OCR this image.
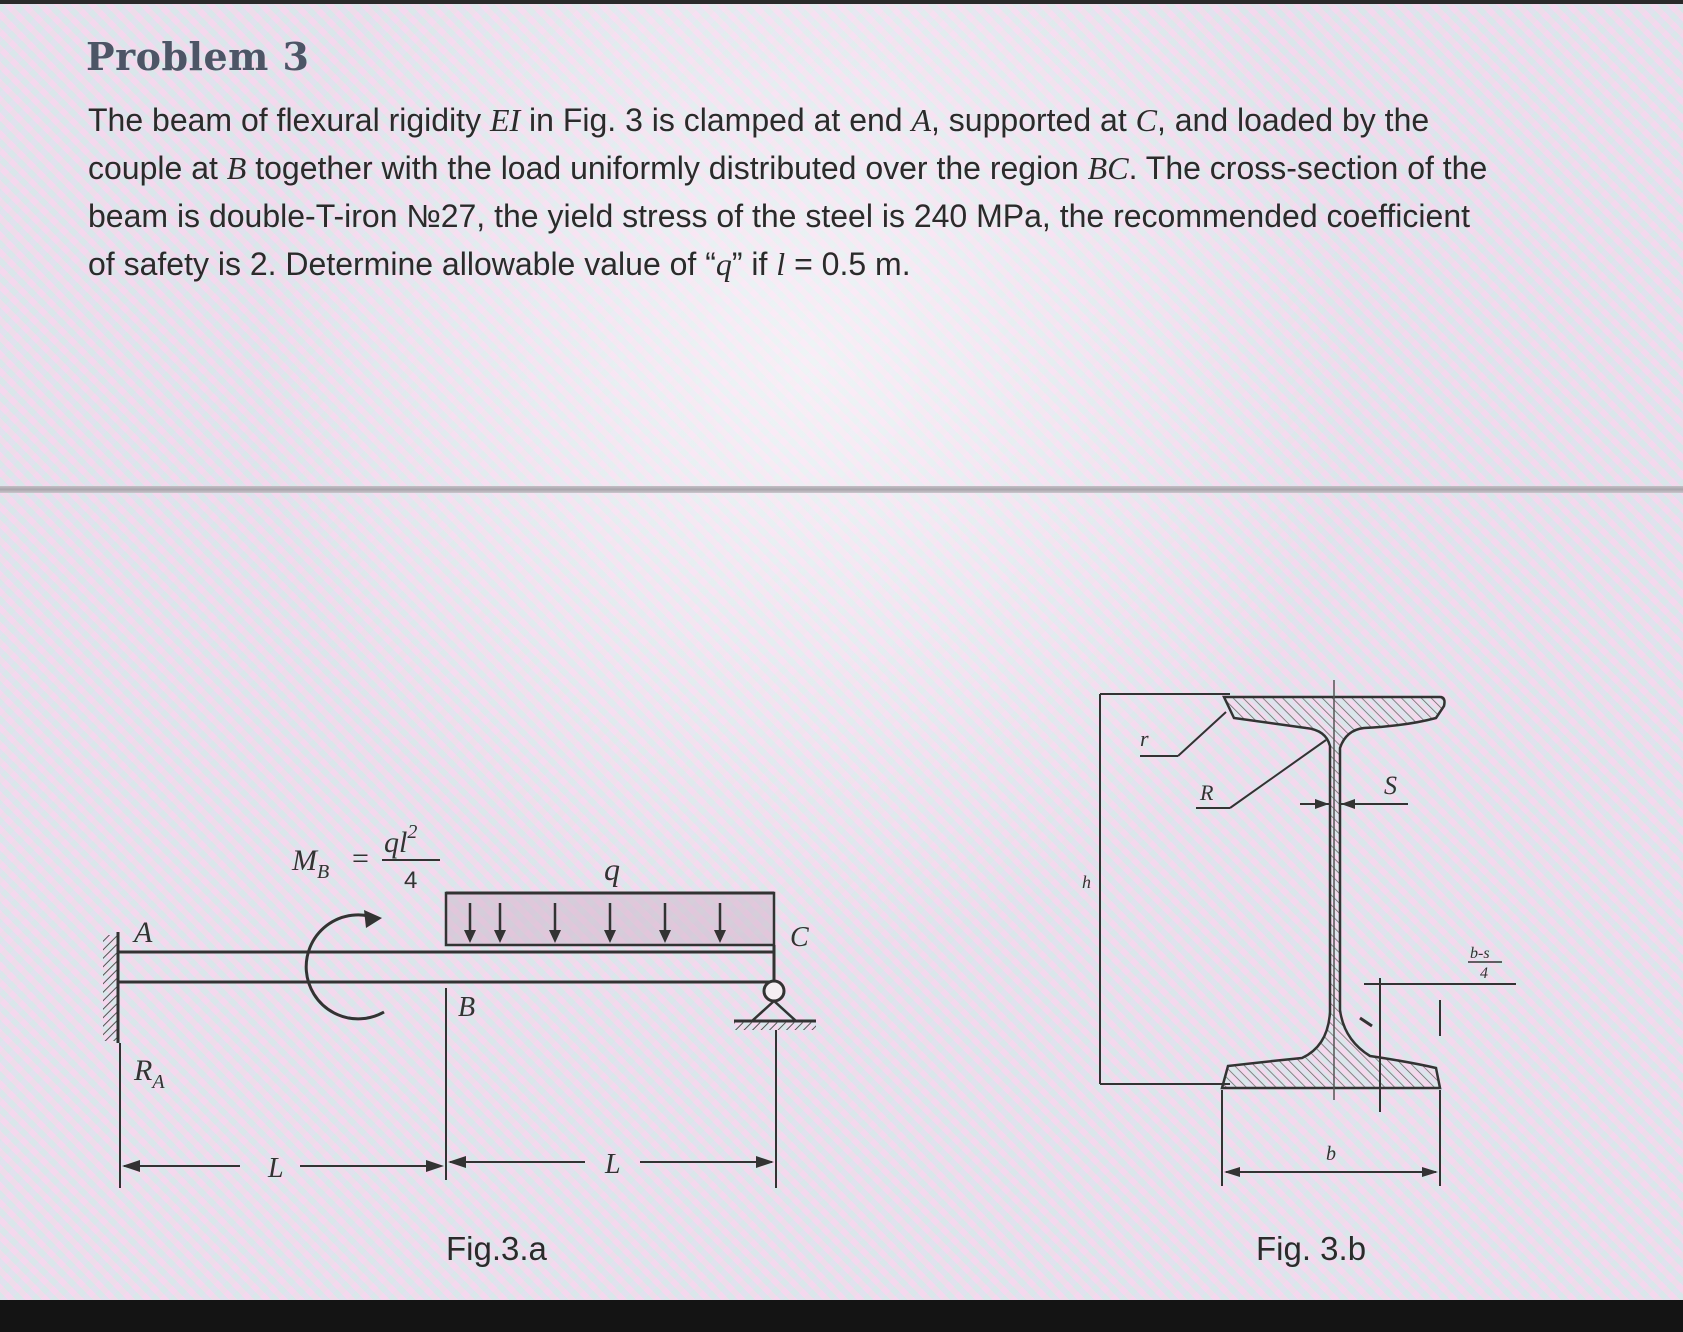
Problem 3
The beam of flexural rigidity EI in Fig. 3 is clamped at end A, supported at C, and loaded by the
couple at B together with the load uniformly distributed over the region BC. The cross-section of the
beam is double-T-iron №27, the yield stress of the steel is 240 MPa, the recommended coefficient
of safety is 2. Determine allowable value of “q” if l = 0.5 m.
A
$R_A$
$M_B = ql^2$
4	q
B
C
L	L
r
R	S
h
b
b-s
4
Fig.3.a	Fig. 3.b
